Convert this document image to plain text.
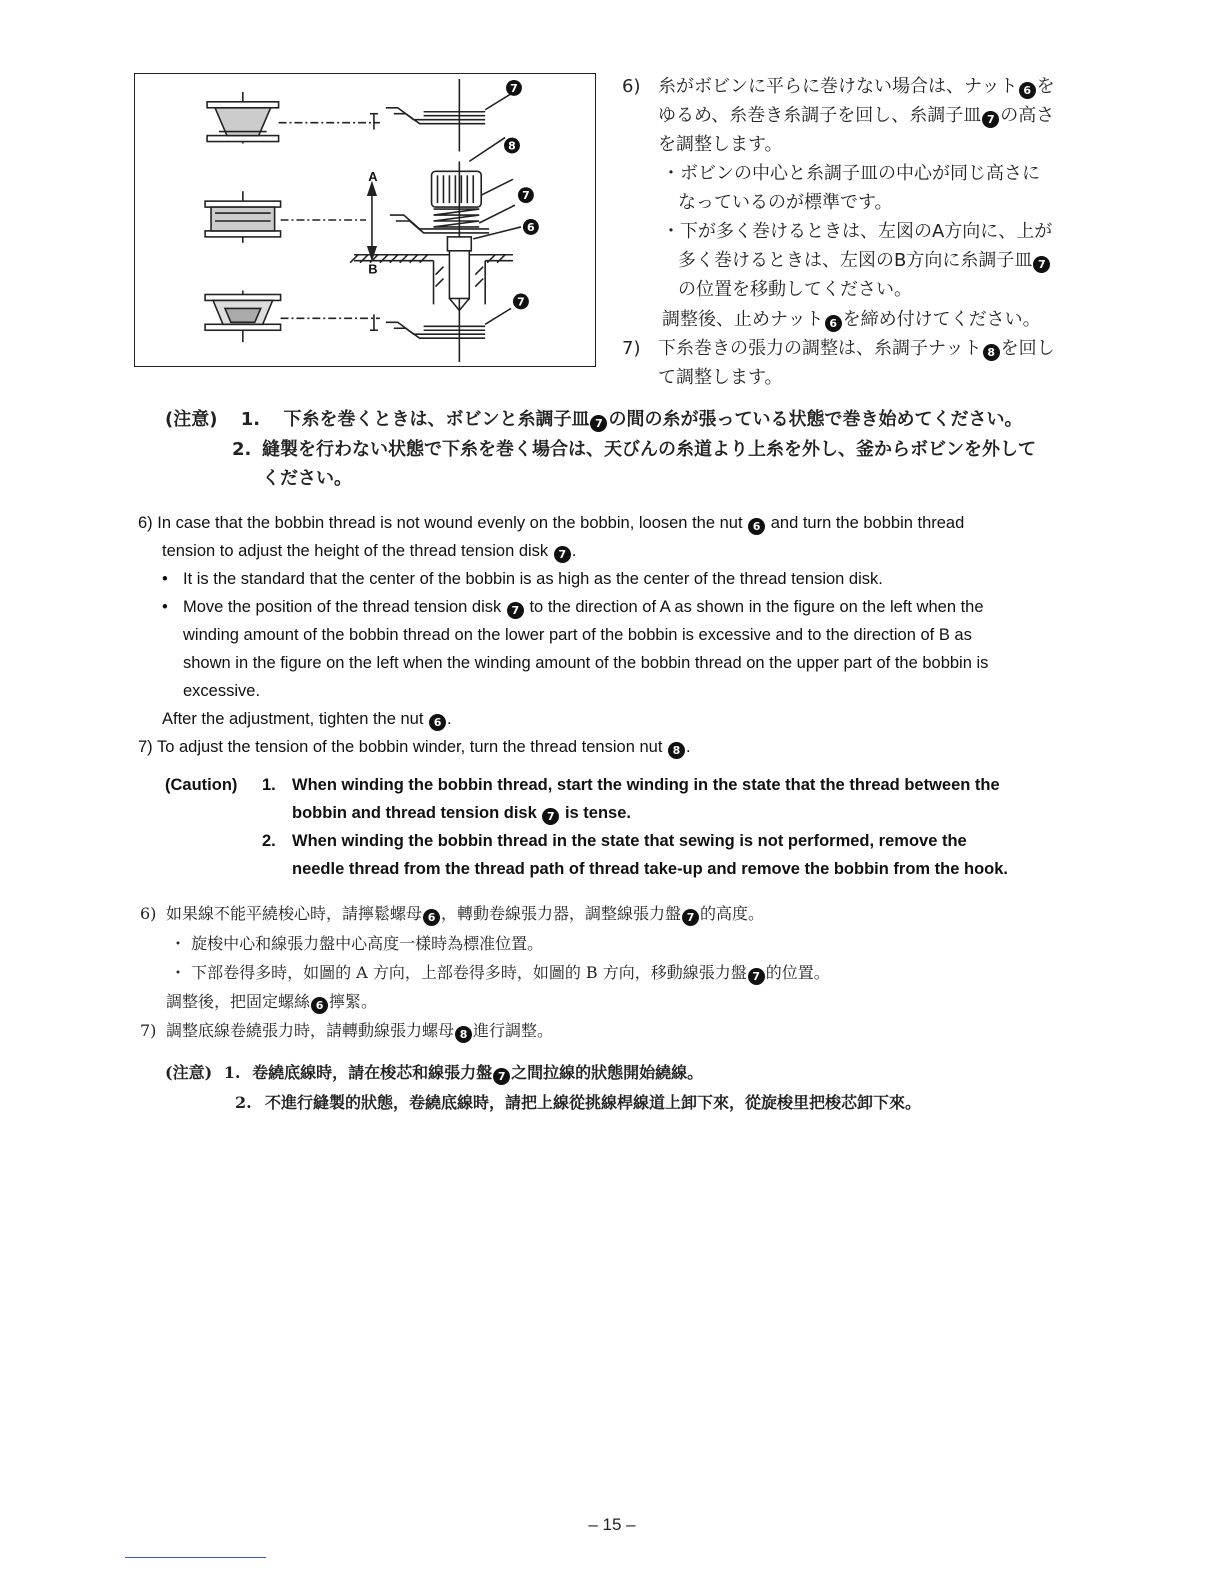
7
8
7
6
7
A
B
6) 糸がボビンに平らに巻けない場合は、ナット 6 を
ゆるめ、糸巻き糸調子を回し、糸調子皿 7 の高さ
を調整します。
・ボビンの中心と糸調子皿の中心が同じ高さに
なっているのが標準です。
・下が多く巻けるときは、左図のA方向に、上が
多く巻けるときは、左図のB方向に糸調子皿 7
の位置を移動してください。
調整後、止めナット 6 を締め付けてください。
7) 下糸巻きの張力の調整は、糸調子ナット 8 を回し
て調整します。
(注意) 1. 下糸を巻くときは、ボビンと糸調子皿 7 の間の糸が張っている状態で巻き始めてください。
2. 縫製を行わない状態で下糸を巻く場合は、天びんの糸道より上糸を外し、釜からボビンを外して
ください。
6) In case that the bobbin thread is not wound evenly on the bobbin, loosen the nut 6 and turn the bobbin thread
tension to adjust the height of the thread tension disk 7 .
• It is the standard that the center of the bobbin is as high as the center of the thread tension disk.
• Move the position of the thread tension disk 7 to the direction of A as shown in the figure on the left when the
winding amount of the bobbin thread on the lower part of the bobbin is excessive and to the direction of B as
shown in the figure on the left when the winding amount of the bobbin thread on the upper part of the bobbin is
excessive.
After the adjustment, tighten the nut 6 .
7) To adjust the tension of the bobbin winder, turn the thread tension nut 8 .
(Caution) 1. When winding the bobbin thread, start the winding in the state that the thread between the
bobbin and thread tension disk 7 is tense.
2. When winding the bobbin thread in the state that sewing is not performed, remove the
needle thread from the thread path of thread take-up and remove the bobbin from the hook.
6) 如果線不能平繞梭心時，請擰鬆螺母 6 ，轉動卷線張力器，調整線張力盤 7 的高度。
・ 旋梭中心和線張力盤中心高度一樣時為標准位置。
・ 下部卷得多時，如圖的 A 方向，上部卷得多時，如圖的 B 方向，移動線張力盤 7 的位置。
調整後，把固定螺絲 6 擰緊。
7) 調整底線卷繞張力時，請轉動線張力螺母 8 進行調整。
(注意) 1. 卷繞底線時，請在梭芯和線張力盤 7 之間拉線的狀態開始繞線。
2. 不進行縫製的狀態，卷繞底線時，請把上線從挑線桿線道上卸下來，從旋梭里把梭芯卸下來。
– 15 –
